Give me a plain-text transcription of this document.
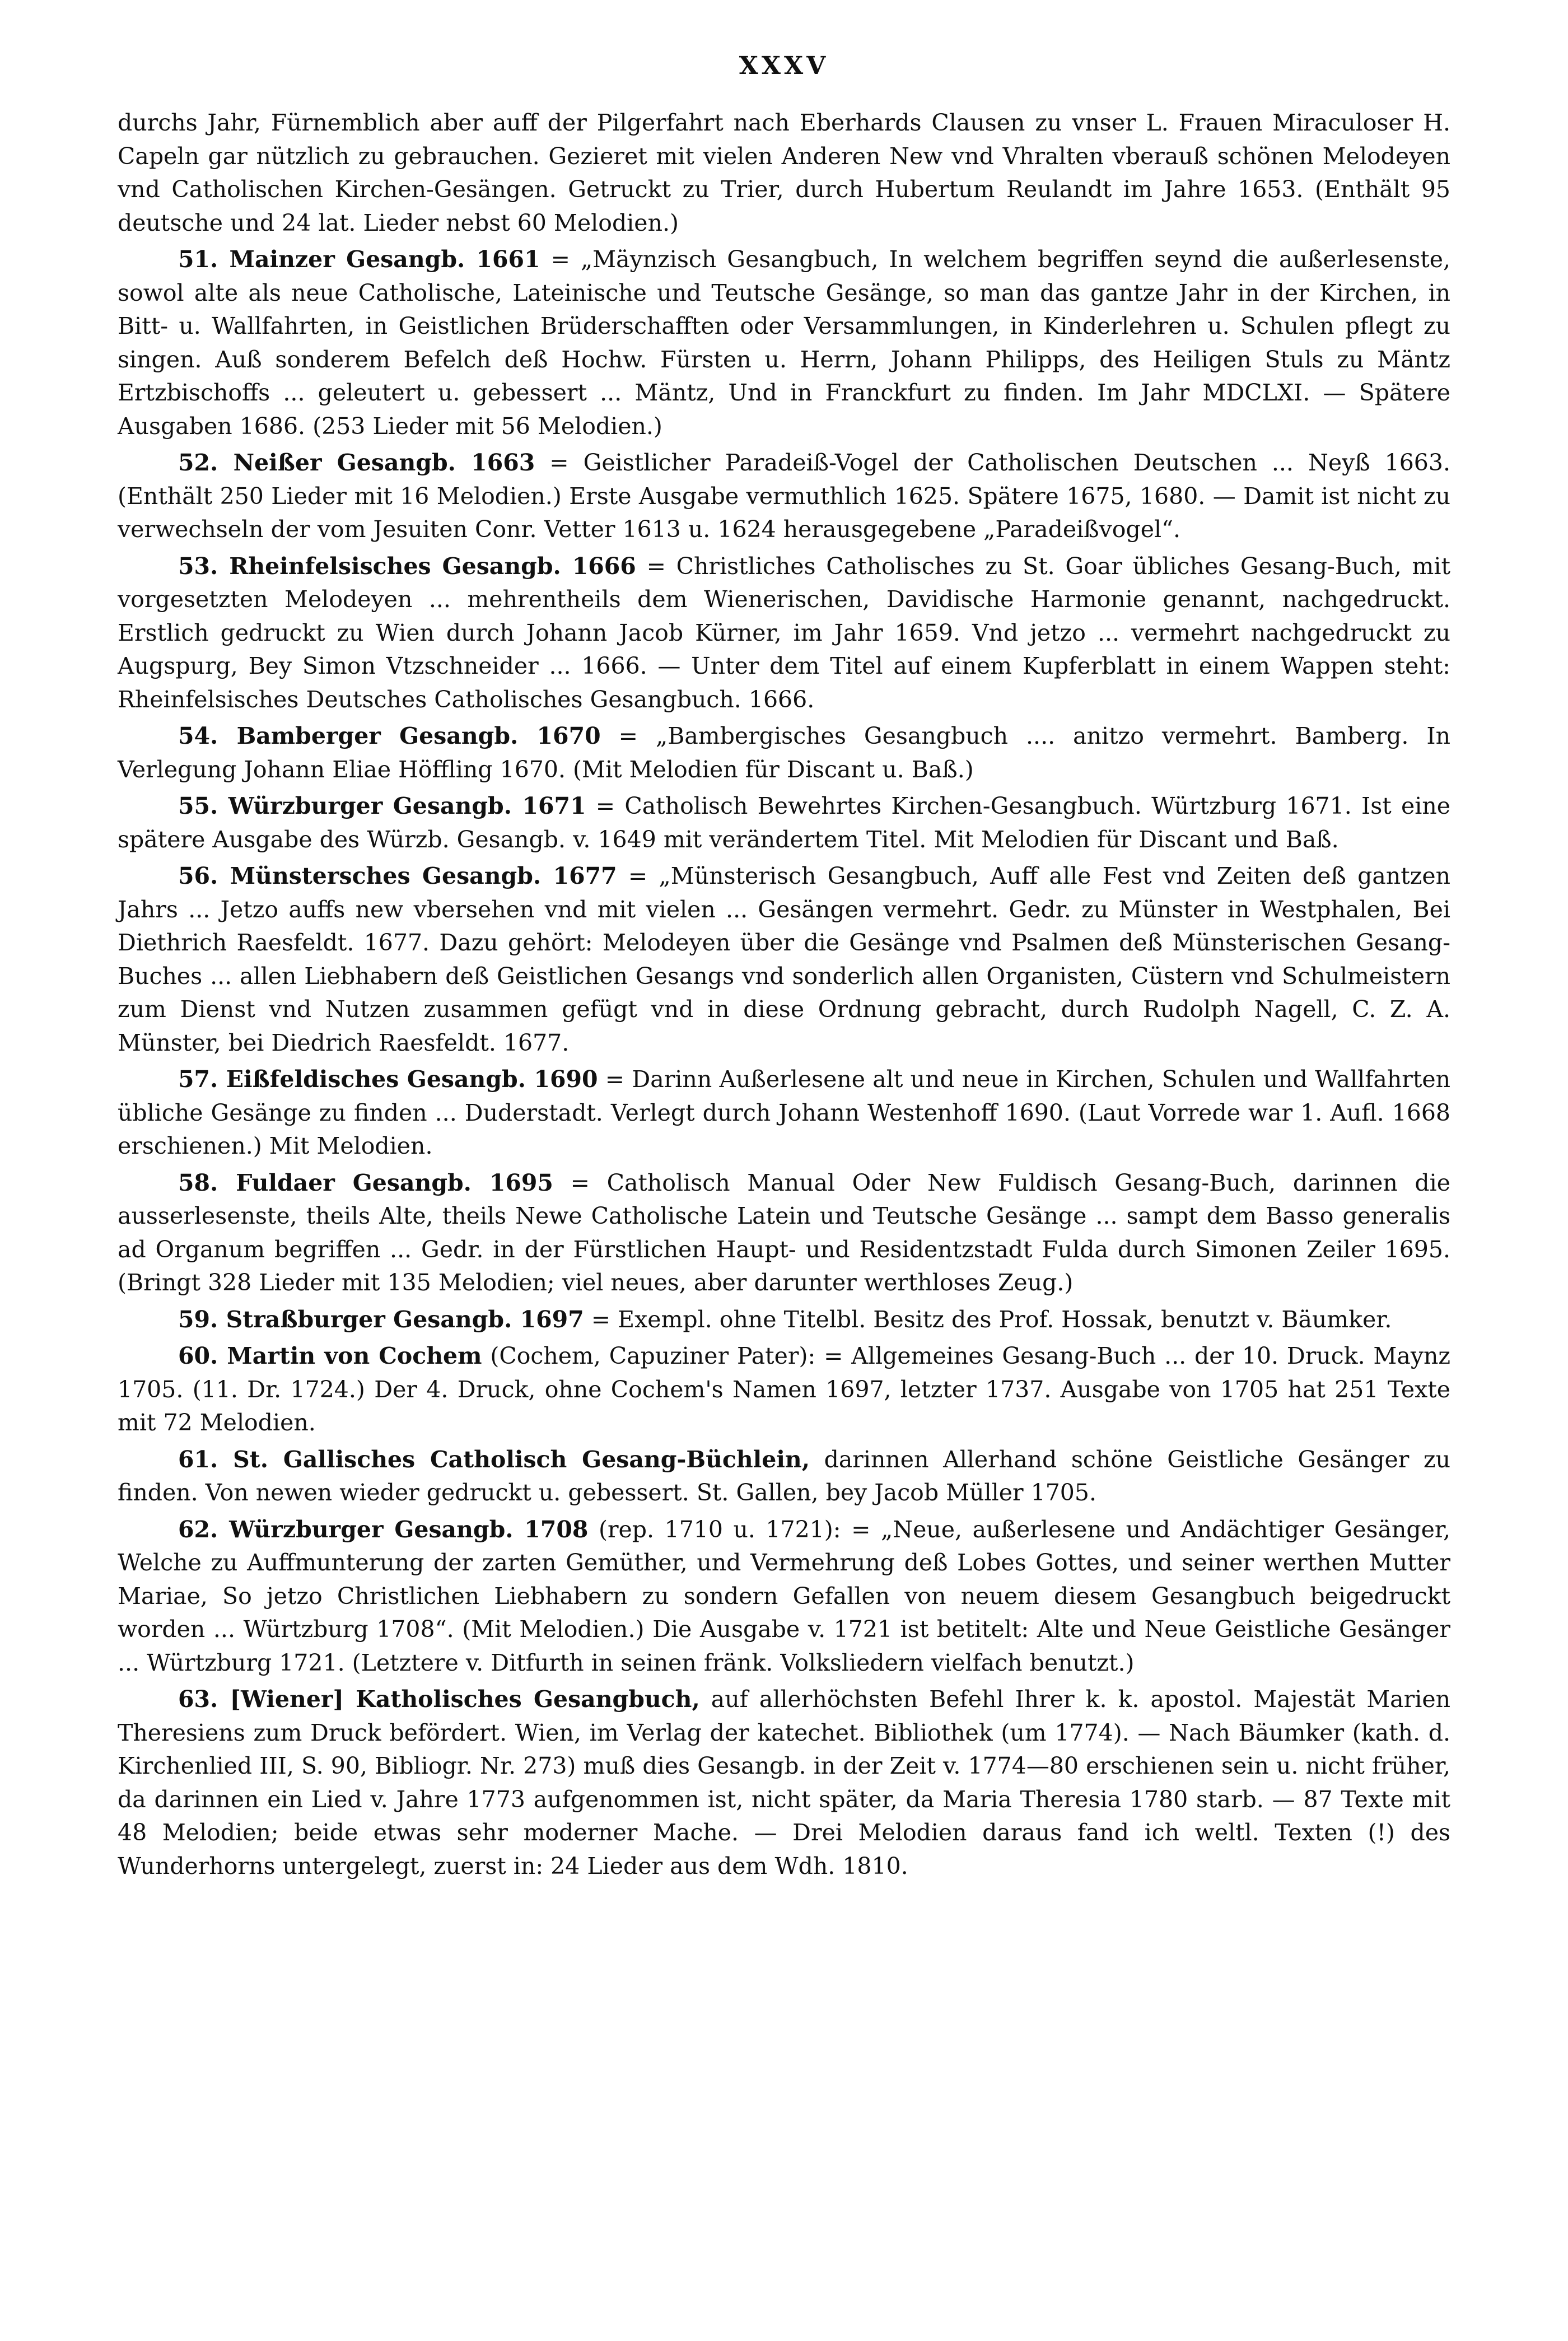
XXXV

durchs Jahr, Fürnemblich aber auff der Pilgerfahrt nach Eberhards Clausen zu vnser L. Frauen Miraculoser H. Capeln gar nützlich zu gebrauchen. Gezieret mit vielen Anderen New vnd Vhralten vberauß schönen Melodeyen vnd Catholischen Kirchen-Gesängen. Getruckt zu Trier, durch Hubertum Reulandt im Jahre 1653. (Enthält 95 deutsche und 24 lat. Lieder nebst 60 Melodien.)

51. Mainzer Gesangb. 1661 = „Mäynzisch Gesangbuch, In welchem begriffen seynd die außerlesenste, sowol alte als neue Catholische, Lateinische und Teutsche Gesänge, so man das gantze Jahr in der Kirchen, in Bitt- u. Wallfahrten, in Geistlichen Brüderschafften oder Versammlungen, in Kinderlehren u. Schulen pflegt zu singen. Auß sonderem Befelch deß Hochw. Fürsten u. Herrn, Johann Philipps, des Heiligen Stuls zu Mäntz Ertzbischoffs ... geleutert u. gebessert ... Mäntz, Und in Franckfurt zu finden. Im Jahr MDCLXI. — Spätere Ausgaben 1686. (253 Lieder mit 56 Melodien.)

52. Neißer Gesangb. 1663 = Geistlicher Paradeiß-Vogel der Catholischen Deutschen ... Neyß 1663. (Enthält 250 Lieder mit 16 Melodien.) Erste Ausgabe vermuthlich 1625. Spätere 1675, 1680. — Damit ist nicht zu verwechseln der vom Jesuiten Conr. Vetter 1613 u. 1624 herausgegebene „Paradeißvogel“.

53. Rheinfelsisches Gesangb. 1666 = Christliches Catholisches zu St. Goar übliches Gesang-Buch, mit vorgesetzten Melodeyen ... mehrentheils dem Wienerischen, Davidische Harmonie genannt, nachgedruckt. Erstlich gedruckt zu Wien durch Johann Jacob Kürner, im Jahr 1659. Vnd jetzo ... vermehrt nachgedruckt zu Augspurg, Bey Simon Vtzschneider ... 1666. — Unter dem Titel auf einem Kupferblatt in einem Wappen steht: Rheinfelsisches Deutsches Catholisches Gesangbuch. 1666.

54. Bamberger Gesangb. 1670 = „Bambergisches Gesangbuch .... anitzo vermehrt. Bamberg. In Verlegung Johann Eliae Höffling 1670. (Mit Melodien für Discant u. Baß.)

55. Würzburger Gesangb. 1671 = Catholisch Bewehrtes Kirchen-Gesangbuch. Würtzburg 1671. Ist eine spätere Ausgabe des Würzb. Gesangb. v. 1649 mit verändertem Titel. Mit Melodien für Discant und Baß.

56. Münstersches Gesangb. 1677 = „Münsterisch Gesangbuch, Auff alle Fest vnd Zeiten deß gantzen Jahrs ... Jetzo auffs new vbersehen vnd mit vielen ... Gesängen vermehrt. Gedr. zu Münster in Westphalen, Bei Diethrich Raesfeldt. 1677. Dazu gehört: Melodeyen über die Gesänge vnd Psalmen deß Münsterischen Gesang-Buches ... allen Liebhabern deß Geistlichen Gesangs vnd sonderlich allen Organisten, Cüstern vnd Schulmeistern zum Dienst vnd Nutzen zusammen gefügt vnd in diese Ordnung gebracht, durch Rudolph Nagell, C. Z. A. Münster, bei Diedrich Raesfeldt. 1677.

57. Eißfeldisches Gesangb. 1690 = Darinn Außerlesene alt und neue in Kirchen, Schulen und Wallfahrten übliche Gesänge zu finden ... Duderstadt. Verlegt durch Johann Westenhoff 1690. (Laut Vorrede war 1. Aufl. 1668 erschienen.) Mit Melodien.

58. Fuldaer Gesangb. 1695 = Catholisch Manual Oder New Fuldisch Gesang-Buch, darinnen die ausserlesenste, theils Alte, theils Newe Catholische Latein und Teutsche Gesänge ... sampt dem Basso generalis ad Organum begriffen ... Gedr. in der Fürstlichen Haupt- und Residentzstadt Fulda durch Simonen Zeiler 1695. (Bringt 328 Lieder mit 135 Melodien; viel neues, aber darunter werthloses Zeug.)

59. Straßburger Gesangb. 1697 = Exempl. ohne Titelbl. Besitz des Prof. Hossak, benutzt v. Bäumker.

60. Martin von Cochem (Cochem, Capuziner Pater): = Allgemeines Gesang-Buch ... der 10. Druck. Maynz 1705. (11. Dr. 1724.) Der 4. Druck, ohne Cochem's Namen 1697, letzter 1737. Ausgabe von 1705 hat 251 Texte mit 72 Melodien.

61. St. Gallisches Catholisch Gesang-Büchlein, darinnen Allerhand schöne Geistliche Gesänger zu finden. Von newen wieder gedruckt u. gebessert. St. Gallen, bey Jacob Müller 1705.

62. Würzburger Gesangb. 1708 (rep. 1710 u. 1721): = „Neue, außerlesene und Andächtiger Gesänger, Welche zu Auffmunterung der zarten Gemüther, und Vermehrung deß Lobes Gottes, und seiner werthen Mutter Mariae, So jetzo Christlichen Liebhabern zu sondern Gefallen von neuem diesem Gesangbuch beigedruckt worden ... Würtzburg 1708“. (Mit Melodien.) Die Ausgabe v. 1721 ist betitelt: Alte und Neue Geistliche Gesänger ... Würtzburg 1721. (Letztere v. Ditfurth in seinen fränk. Volksliedern vielfach benutzt.)

63. [Wiener] Katholisches Gesangbuch, auf allerhöchsten Befehl Ihrer k. k. apostol. Majestät Marien Theresiens zum Druck befördert. Wien, im Verlag der katechet. Bibliothek (um 1774). — Nach Bäumker (kath. d. Kirchenlied III, S. 90, Bibliogr. Nr. 273) muß dies Gesangb. in der Zeit v. 1774—80 erschienen sein u. nicht früher, da darinnen ein Lied v. Jahre 1773 aufgenommen ist, nicht später, da Maria Theresia 1780 starb. — 87 Texte mit 48 Melodien; beide etwas sehr moderner Mache. — Drei Melodien daraus fand ich weltl. Texten (!) des Wunderhorns untergelegt, zuerst in: 24 Lieder aus dem Wdh. 1810.
